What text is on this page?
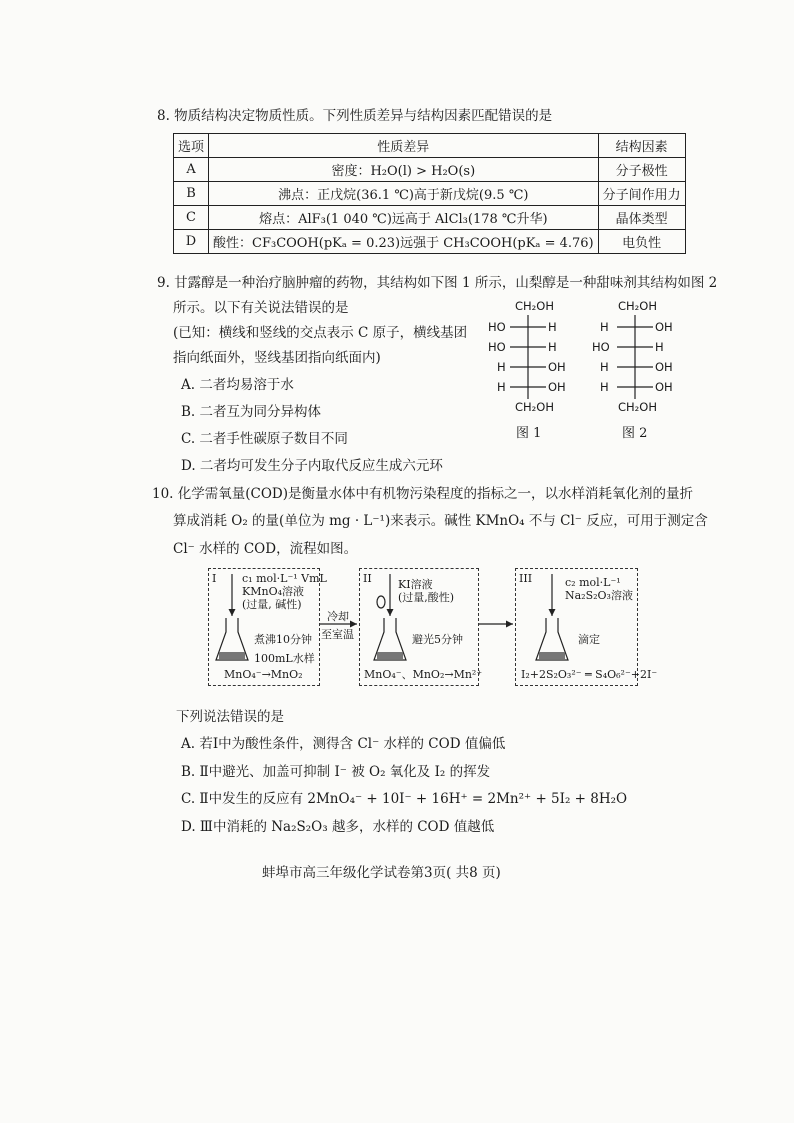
8. 物质结构决定物质性质。下列性质差异与结构因素匹配错误的是
选项	性质差异	结构因素
A	密度：H₂O(l) > H₂O(s)	分子极性
B	沸点：正戊烷(36.1 ℃)高于新戊烷(9.5 ℃)	分子间作用力
C	熔点：AlF₃(1 040 ℃)远高于 AlCl₃(178 ℃升华)	晶体类型
D	酸性：CF₃COOH(pKₐ = 0.23)远强于 CH₃COOH(pKₐ = 4.76)	电负性
9. 甘露醇是一种治疗脑肿瘤的药物，其结构如下图 1 所示，山梨醇是一种甜味剂其结构如图 2
所示。以下有关说法错误的是
(已知：横线和竖线的交点表示 C 原子，横线基团
指向纸面外，竖线基团指向纸面内)
A. 二者均易溶于水
B. 二者互为同分异构体
C. 二者手性碳原子数目不同
D. 二者均可发生分子内取代反应生成六元环
CH₂OH
HO	H
HO	H
H	OH
H	OH
CH₂OH
图 1
CH₂OH
H	OH
HO	H
H	OH
H	OH
CH₂OH
图 2
10. 化学需氧量(COD)是衡量水体中有机物污染程度的指标之一，以水样消耗氧化剂的量折
算成消耗 O₂ 的量(单位为 mg · L⁻¹)来表示。碱性 KMnO₄ 不与 Cl⁻ 反应，可用于测定含
Cl⁻ 水样的 COD，流程如图。
I c₁ mol·L⁻¹ VmL
KMnO₄溶液
(过量, 碱性)
煮沸10分钟
100mL水样
MnO₄⁻→MnO₂
冷却
至室温
II KI溶液
(过量,酸性)
避光5分钟
MnO₄⁻、MnO₂→Mn²⁺
III	c₂ mol·L⁻¹
Na₂S₂O₃溶液
滴定
I₂+2S₂O₃²⁻ ═ S₄O₆²⁻+2I⁻
下列说法错误的是
A. 若Ⅰ中为酸性条件，测得含 Cl⁻ 水样的 COD 值偏低
B. Ⅱ中避光、加盖可抑制 I⁻ 被 O₂ 氧化及 I₂ 的挥发
C. Ⅱ中发生的反应有 2MnO₄⁻ + 10I⁻ + 16H⁺ = 2Mn²⁺ + 5I₂ + 8H₂O
D. Ⅲ中消耗的 Na₂S₂O₃ 越多，水样的 COD 值越低
蚌埠市高三年级化学试卷第3页( 共8 页)
